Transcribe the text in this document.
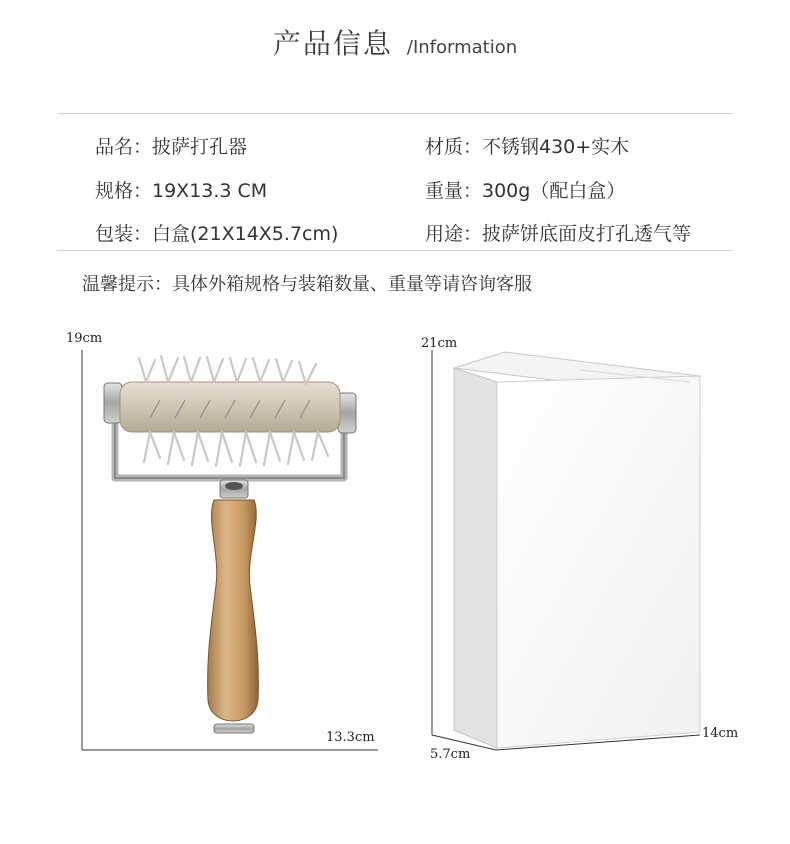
产品信息 /Information
品名：披萨打孔器	材质：不锈钢430+实木
规格：19X13.3 CM	重量：300g（配白盒）
包装：白盒(21X14X5.7cm)	用途：披萨饼底面皮打孔透气等
温馨提示：具体外箱规格与装箱数量、重量等请咨询客服
19cm
13.3cm
21cm
14cm
5.7cm
